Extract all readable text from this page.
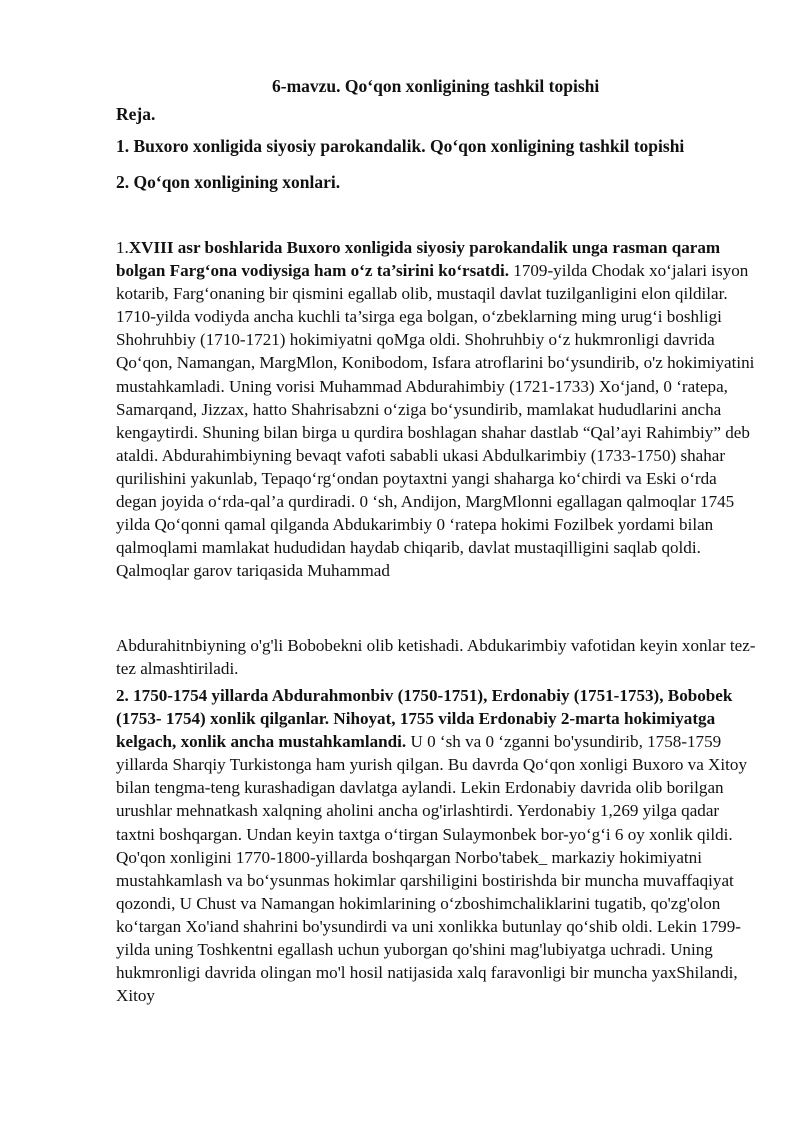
6-mavzu. Qo‘qon xonligining tashkil topishi
Reja.
1. Buxoro xonligida siyosiy parokandalik. Qo‘qon xonligining tashkil topishi
2. Qo‘qon xonligining xonlari.

1.XVIII asr boshlarida Buxoro xonligida siyosiy parokandalik unga rasman qaram bolgan Farg‘ona vodiysiga ham o‘z ta’sirini ko‘rsatdi. 1709-yilda Chodak xo‘jalari isyon kotarib, Farg‘onaning bir qismini egallab olib, mustaqil davlat tuzilganligini elon qildilar. 1710-yilda vodiyda ancha kuchli ta’sirga ega bolgan, o‘zbeklarning ming urug‘i boshligi Shohruhbiy (1710-1721) hokimiyatni qoMga oldi. Shohruhbiy o‘z hukmronligi davrida Qo‘qon, Namangan, MargMlon, Konibodom, Isfara atroflarini bo‘ysundirib, o'z hokimiyatini mustahkamladi. Uning vorisi Muhammad Abdurahimbiy (1721-1733) Xo‘jand, 0 ‘ratepa, Samarqand, Jizzax, hatto Shahrisabzni o‘ziga bo‘ysundirib, mamlakat hududlarini ancha kengaytirdi. Shuning bilan birga u qurdira boshlagan shahar dastlab “Qal’ayi Rahimbiy” deb ataldi. Abdurahimbiyning bevaqt vafoti sababli ukasi Abdulkarimbiy (1733-1750) shahar qurilishini yakunlab, Tepaqo‘rg‘ondan poytaxtni yangi shaharga ko‘chirdi va Eski o‘rda degan joyida o‘rda-qal’a qurdiradi. 0 ‘sh, Andijon, MargMlonni egallagan qalmoqlar 1745 yilda Qo‘qonni qamal qilganda Abdukarimbiy 0 ‘ratepa hokimi Fozilbek yordami bilan qalmoqlami mamlakat hududidan haydab chiqarib, davlat mustaqilligini saqlab qoldi. Qalmoqlar garov tariqasida Muhammad

Abdurahitnbiyning o'g'li Bobobekni olib ketishadi. Abdukarimbiy vafotidan keyin xonlar tez-tez almashtiriladi.

2. 1750-1754 yillarda Abdurahmonbiv (1750-1751), Erdonabiy (1751-1753), Bobobek (1753- 1754) xonlik qilganlar. Nihoyat, 1755 vilda Erdonabiy 2-marta hokimiyatga kelgach, xonlik ancha mustahkamlandi. U 0 ‘sh va 0 ‘zganni bo'ysundirib, 1758-1759 yillarda Sharqiy Turkistonga ham yurish qilgan. Bu davrda Qo‘qon xonligi Buxoro va Xitoy bilan tengma-teng kurashadigan davlatga aylandi. Lekin Erdonabiy davrida olib borilgan urushlar mehnatkash xalqning aholini ancha og'irlashtirdi. Yerdonabiy 1,269 yilga qadar taxtni boshqargan. Undan keyin taxtga o‘tirgan Sulaymonbek bor-yo‘g‘i 6 oy xonlik qildi. Qo'qon xonligini 1770-1800-yillarda boshqargan Norbo'tabek_ markaziy hokimiyatni mustahkamlash va bo‘ysunmas hokimlar qarshiligini bostirishda bir muncha muvaffaqiyat qozondi, U Chust va Namangan hokimlarining o‘zboshimchaliklarini tugatib, qo'zg'olon ko‘targan Xo'iand shahrini bo'ysundirdi va uni xonlikka butunlay qo‘shib oldi. Lekin 1799-yilda uning Toshkentni egallash uchun yuborgan qo'shini mag'lubiyatga uchradi. Uning hukmronligi davrida olingan mo'l hosil natijasida xalq faravonligi bir muncha yaxShilandi, Xitoy
